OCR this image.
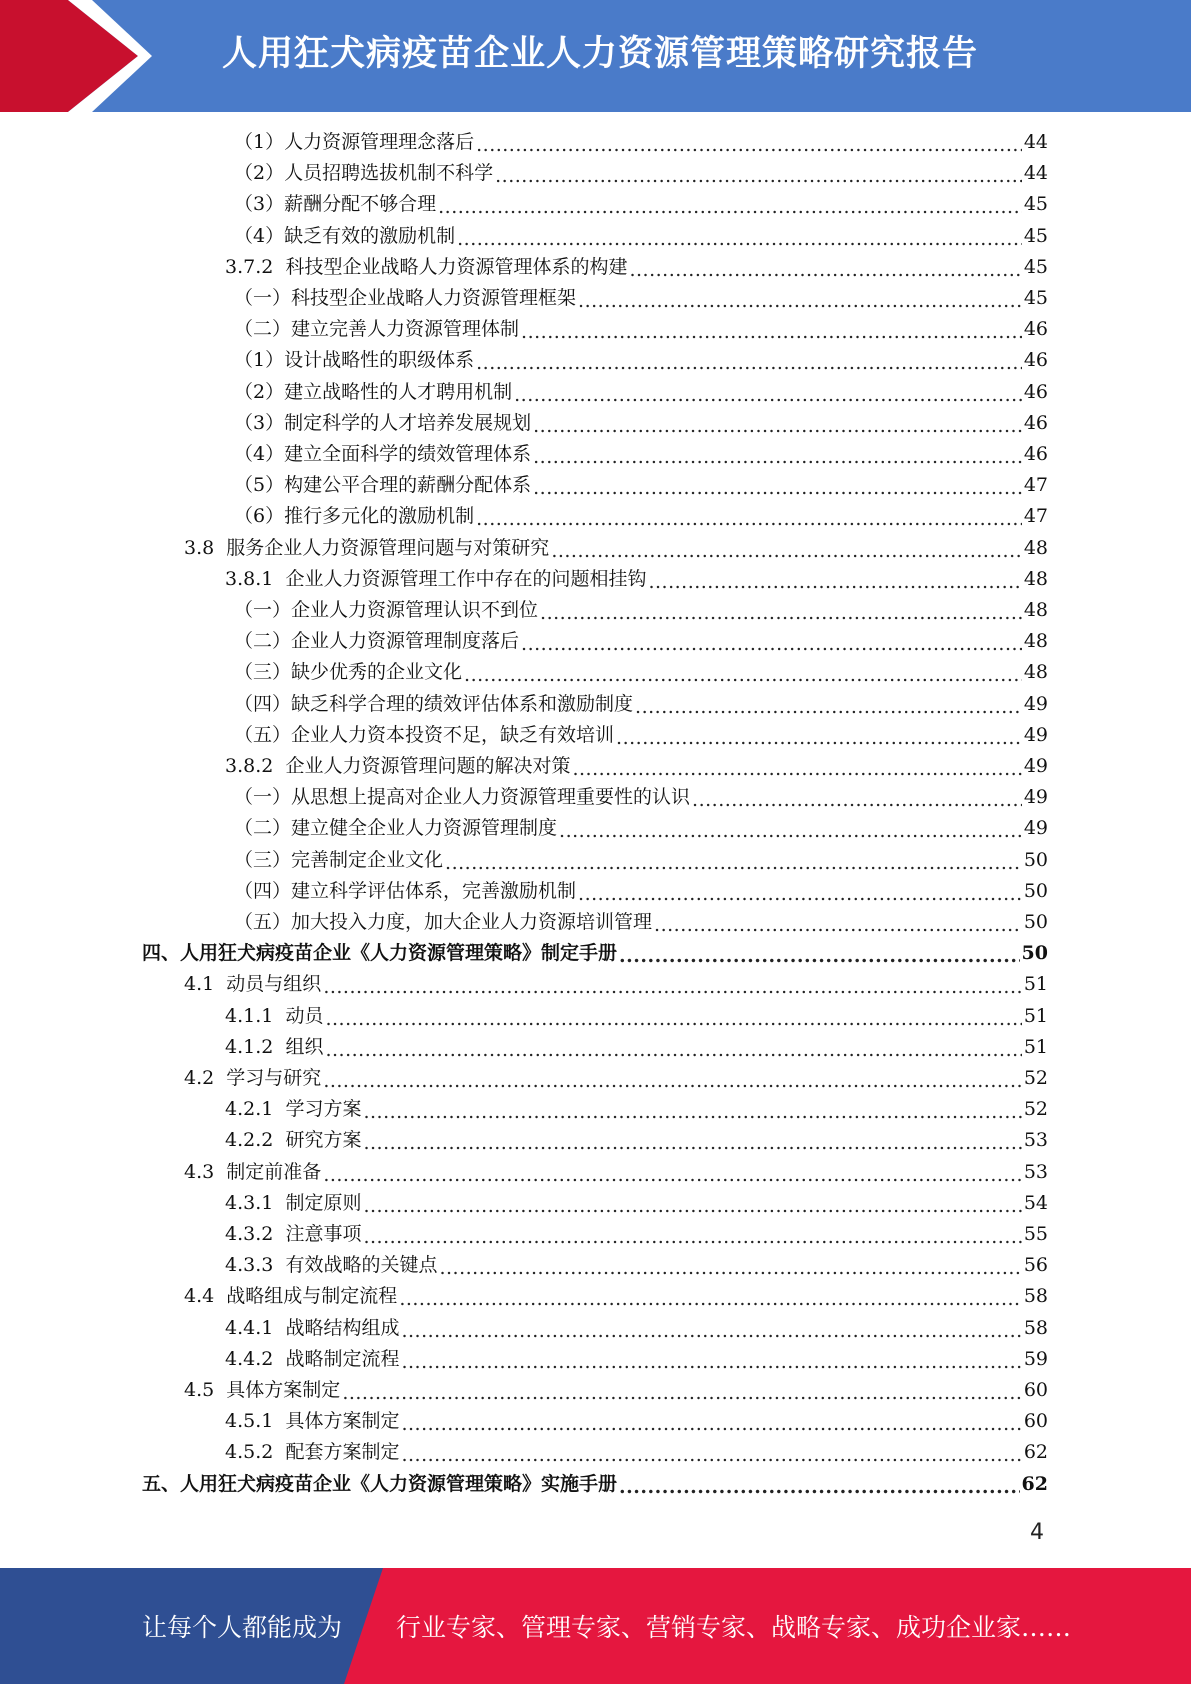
人用狂犬病疫苗企业人力资源管理策略研究报告
（1） 人力资源管理理念落后 .....	44
（2） 人员招聘选拔机制不科学 .....	44
（3） 薪酬分配不够合理 .....	45
（4） 缺乏有效的激励机制 .....	45
3.7.2 科技型企业战略人力资源管理体系的构建 .....	45
（一） 科技型企业战略人力资源管理框架 .....	45
（二） 建立完善人力资源管理体制 .....	46
（1） 设计战略性的职级体系 .....	46
（2） 建立战略性的人才聘用机制 .....	46
（3） 制定科学的人才培养发展规划 .....	46
（4） 建立全面科学的绩效管理体系 .....	46
（5） 构建公平合理的薪酬分配体系 .....	47
（6） 推行多元化的激励机制 .....	47
3.8 服务企业人力资源管理问题与对策研究 .....	48
3.8.1 企业人力资源管理工作中存在的问题相挂钩 .....	48
（一） 企业人力资源管理认识不到位 .....	48
（二） 企业人力资源管理制度落后 .....	48
（三） 缺少优秀的企业文化 .....	48
（四） 缺乏科学合理的绩效评估体系和激励制度 .....	49
（五） 企业人力资本投资不足，缺乏有效培训 .....	49
3.8.2 企业人力资源管理问题的解决对策 .....	49
（一） 从思想上提高对企业人力资源管理重要性的认识 .....	49
（二） 建立健全企业人力资源管理制度 .....	49
（三） 完善制定企业文化 .....	50
（四） 建立科学评估体系，完善激励机制 .....	50
（五） 加大投入力度，加大企业人力资源培训管理 .....	50
四、 人用狂犬病疫苗企业《人力资源管理策略》制定手册 .....	50
4.1 动员与组织 .....	51
4.1.1 动员 .....	51
4.1.2 组织 .....	51
4.2 学习与研究 .....	52
4.2.1 学习方案 .....	52
4.2.2 研究方案 .....	53
4.3 制定前准备 .....	53
4.3.1 制定原则 .....	54
4.3.2 注意事项 .....	55
4.3.3 有效战略的关键点 .....	56
4.4 战略组成与制定流程 .....	58
4.4.1 战略结构组成 .....	58
4.4.2 战略制定流程 .....	59
4.5 具体方案制定 .....	60
4.5.1 具体方案制定 .....	60
4.5.2 配套方案制定 .....	62
五、 人用狂犬病疫苗企业《人力资源管理策略》实施手册 .....	62
4
让每个人都能成为 行业专家、管理专家、营销专家、战略专家、成功企业家……
